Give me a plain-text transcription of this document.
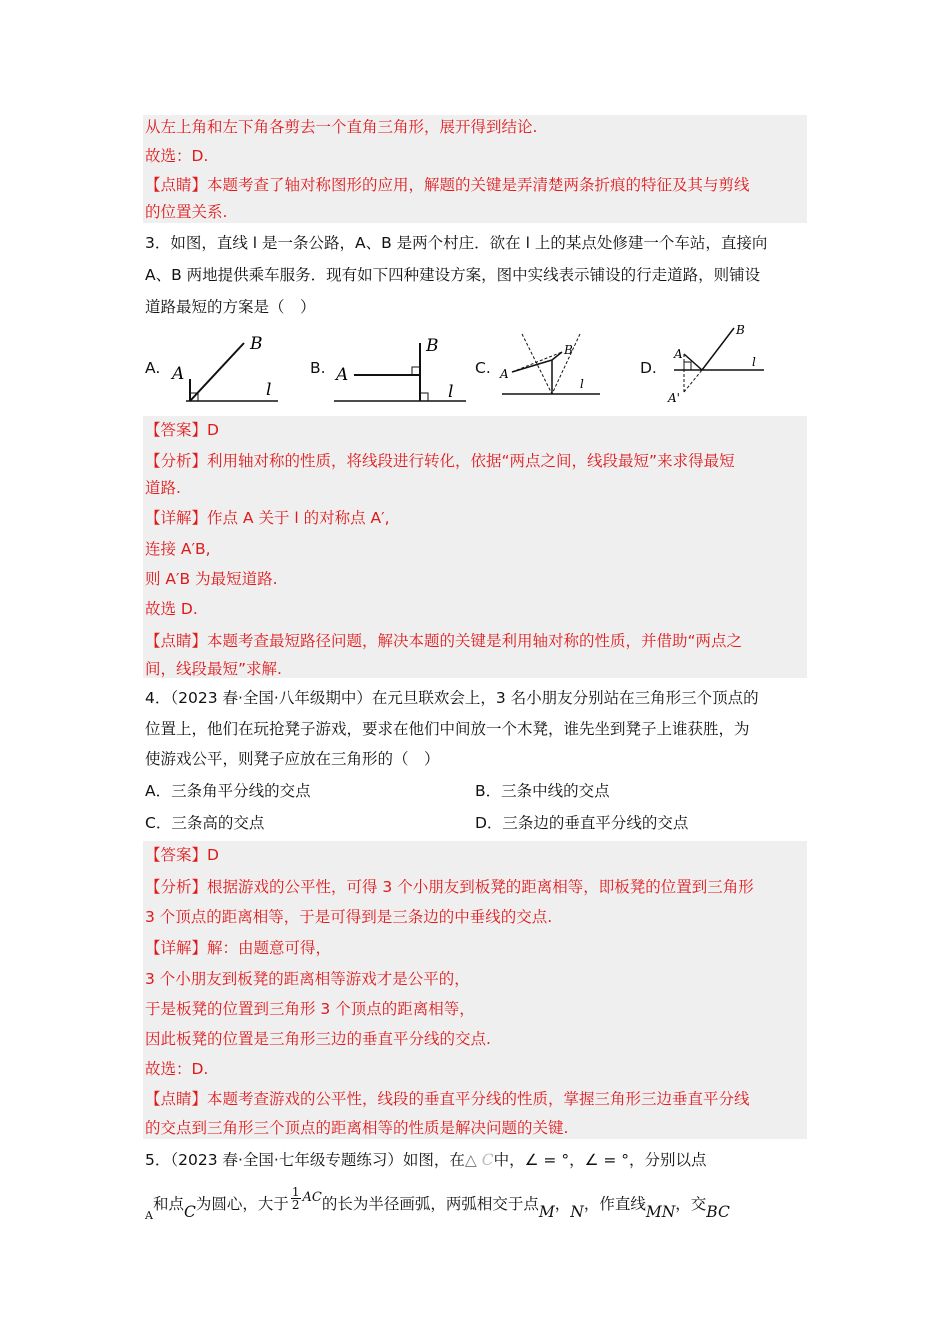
从左上角和左下角各剪去一个直角三角形，展开得到结论.
故选：D.
【点睛】本题考查了轴对称图形的应用，解题的关键是弄清楚两条折痕的特征及其与剪线
的位置关系.
3．如图，直线 l 是一条公路，A、B 是两个村庄．欲在 l 上的某点处修建一个车站，直接向
A、B 两地提供乘车服务．现有如下四种建设方案，图中实线表示铺设的行走道路，则铺设
道路最短的方案是（　）
A. A
B
l
B. A
B
l
C. A
B
l
D.
A
B
l
A'
【答案】D
【分析】利用轴对称的性质，将线段进行转化，依据“两点之间，线段最短”来求得最短
道路.
【详解】作点 A 关于 l 的对称点 A′,
连接 A′B,
则 A′B 为最短道路.
故选 D.
【点睛】本题考查最短路径问题，解决本题的关键是利用轴对称的性质，并借助“两点之
间，线段最短”求解.
4．（2023 春·全国·八年级期中）在元旦联欢会上，3 名小朋友分别站在三角形三个顶点的
位置上，他们在玩抢凳子游戏，要求在他们中间放一个木凳，谁先坐到凳子上谁获胜，为
使游戏公平，则凳子应放在三角形的（　）
A．三条角平分线的交点	B．三条中线的交点
C．三条高的交点	D．三条边的垂直平分线的交点
【答案】D
【分析】根据游戏的公平性，可得 3 个小朋友到板凳的距离相等，即板凳的位置到三角形
3 个顶点的距离相等，于是可得到是三条边的中垂线的交点.
【详解】解：由题意可得，
3 个小朋友到板凳的距离相等游戏才是公平的，
于是板凳的位置到三角形 3 个顶点的距离相等，
因此板凳的位置是三角形三边的垂直平分线的交点.
故选：D.
【点睛】本题考查游戏的公平性，线段的垂直平分线的性质，掌握三角形三边垂直平分线
的交点到三角形三个顶点的距离相等的性质是解决问题的关键.
5．（2023 春·全国·七年级专题练习）如图，在△ C中，∠ = °，∠ = °，分别以点
$_A$和点C为圆心，大于 $\frac{1}{2} ^{AC}$的长为半径画弧，两弧相交于点M，N，作直线MN，交BC
